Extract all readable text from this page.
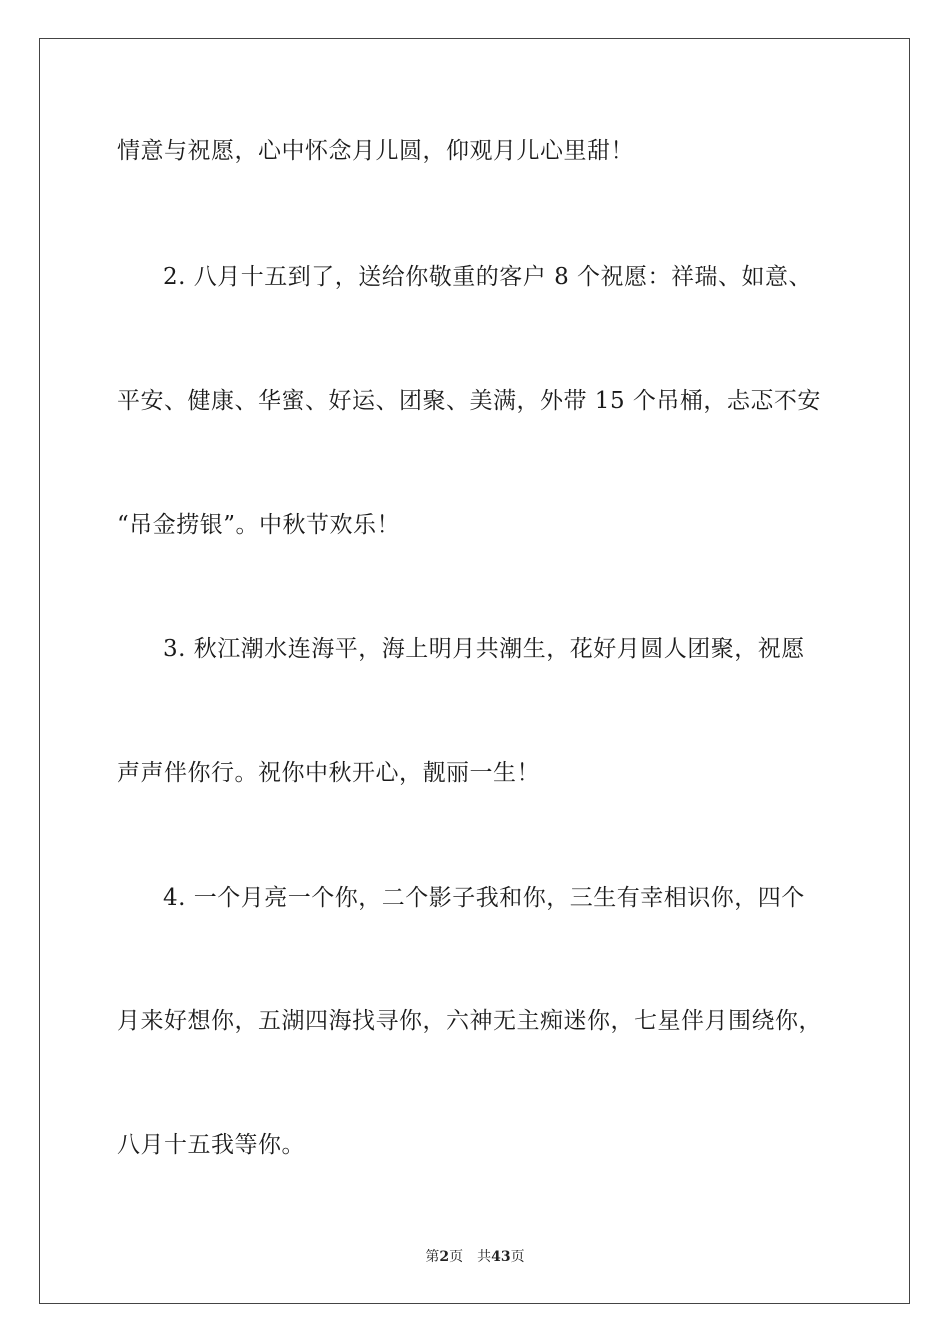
情意与祝愿，心中怀念月儿圆，仰观月儿心里甜！
2. 八月十五到了，送给你敬重的客户 8 个祝愿：祥瑞、如意、
平安、健康、华蜜、好运、团聚、美满，外带 15 个吊桶，忐忑不安
“吊金捞银”。中秋节欢乐！
3. 秋江潮水连海平，海上明月共潮生，花好月圆人团聚，祝愿
声声伴你行。祝你中秋开心，靓丽一生！
4. 一个月亮一个你，二个影子我和你，三生有幸相识你，四个
月来好想你，五湖四海找寻你，六神无主痴迷你，七星伴月围绕你，
八月十五我等你。
第2页 共43页
